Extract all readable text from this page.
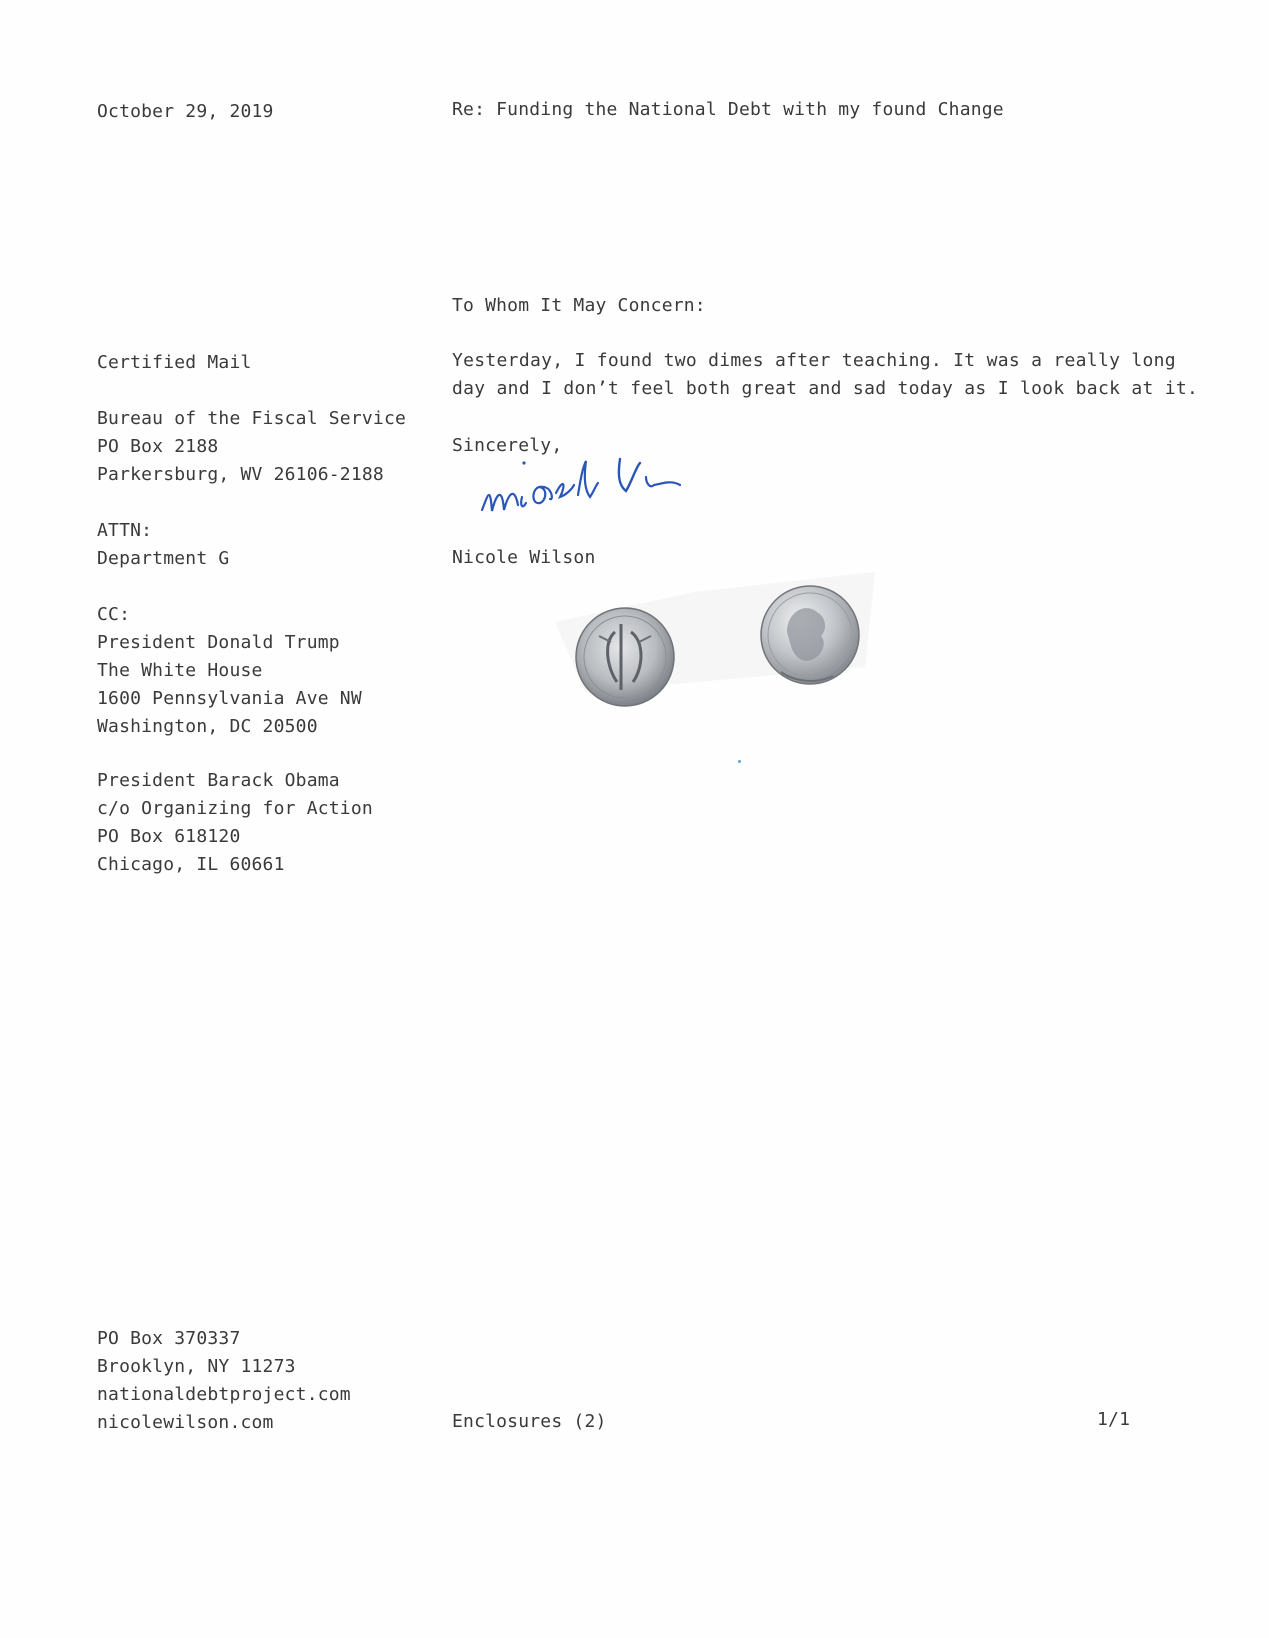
October 29, 2019	Re: Funding the National Debt with my found Change
Certified Mail
Bureau of the Fiscal Service
PO Box 2188
Parkersburg, WV 26106-2188
ATTN:
Department G
CC:
President Donald Trump
The White House
1600 Pennsylvania Ave NW
Washington, DC 20500
President Barack Obama
c/o Organizing for Action
PO Box 618120
Chicago, IL 60661
To Whom It May Concern:
Yesterday, I found two dimes after teaching. It was a really long
day and I don’t feel both great and sad today as I look back at it.
Sincerely,
Nicole Wilson
PO Box 370337
Brooklyn, NY 11273
nationaldebtproject.com
nicolewilson.com	Enclosures (2)	1/1
